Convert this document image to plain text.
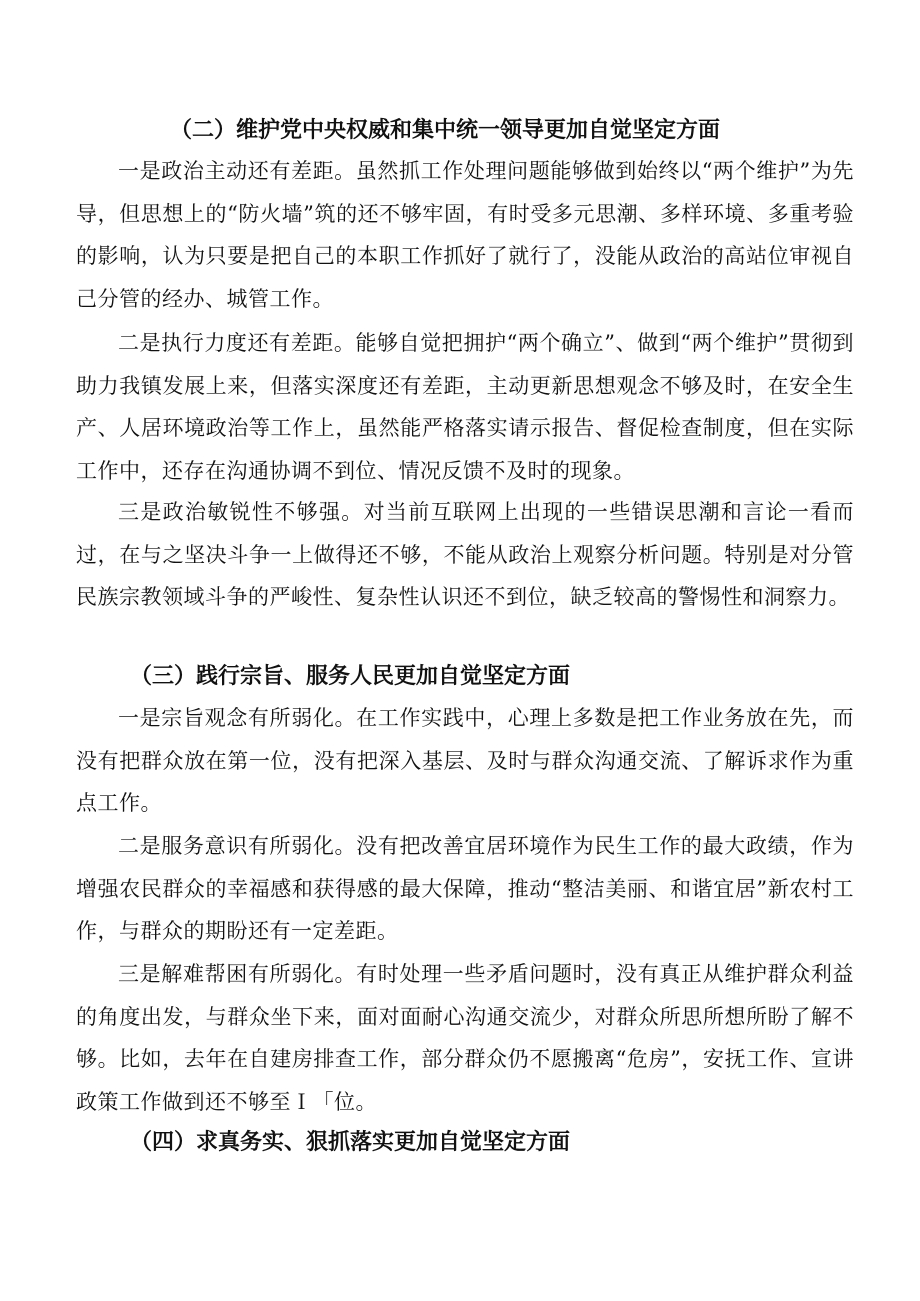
（二）维护党中央权威和集中统一领导更加自觉坚定方面

一是政治主动还有差距。虽然抓工作处理问题能够做到始终以“两个维护”为先导，但思想上的“防火墙”筑的还不够牢固，有时受多元思潮、多样环境、多重考验的影响，认为只要是把自己的本职工作抓好了就行了，没能从政治的高站位审视自己分管的经办、城管工作。

二是执行力度还有差距。能够自觉把拥护“两个确立”、做到“两个维护”贯彻到助力我镇发展上来，但落实深度还有差距，主动更新思想观念不够及时，在安全生产、人居环境政治等工作上，虽然能严格落实请示报告、督促检查制度，但在实际工作中，还存在沟通协调不到位、情况反馈不及时的现象。

三是政治敏锐性不够强。对当前互联网上出现的一些错误思潮和言论一看而过，在与之坚决斗争一上做得还不够，不能从政治上观察分析问题。特别是对分管民族宗教领域斗争的严峻性、复杂性认识还不到位，缺乏较高的警惕性和洞察力。

（三）践行宗旨、服务人民更加自觉坚定方面

一是宗旨观念有所弱化。在工作实践中，心理上多数是把工作业务放在先，而没有把群众放在第一位，没有把深入基层、及时与群众沟通交流、了解诉求作为重点工作。

二是服务意识有所弱化。没有把改善宜居环境作为民生工作的最大政绩，作为增强农民群众的幸福感和获得感的最大保障，推动“整洁美丽、和谐宜居”新农村工作，与群众的期盼还有一定差距。

三是解难帮困有所弱化。有时处理一些矛盾问题时，没有真正从维护群众利益的角度出发，与群众坐下来，面对面耐心沟通交流少，对群众所思所想所盼了解不够。比如，去年在自建房排查工作，部分群众仍不愿搬离“危房”，安抚工作、宣讲政策工作做到还不够至Ｉ「位。

（四）求真务实、狠抓落实更加自觉坚定方面
